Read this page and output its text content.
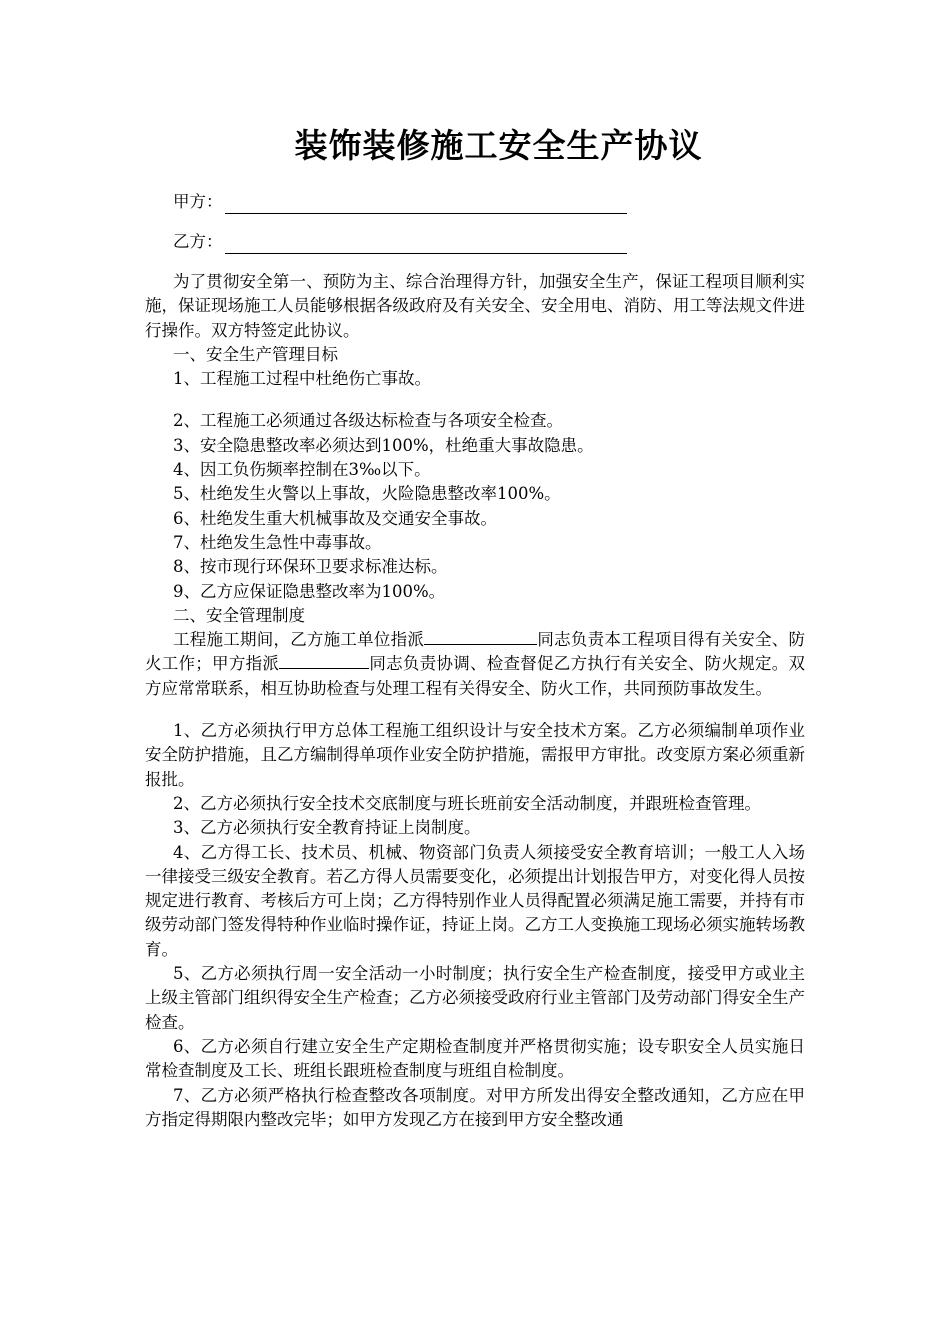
装饰装修施工安全生产协议
甲方：
乙方：

为了贯彻安全第一、预防为主、综合治理得方针，加强安全生产，保证工程项目顺利实施，保证现场施工人员能够根据各级政府及有关安全、安全用电、消防、用工等法规文件进行操作。双方特签定此协议。

一、安全生产管理目标

1、工程施工过程中杜绝伤亡事故。

2、工程施工必须通过各级达标检查与各项安全检查。

3、安全隐患整改率必须达到100%，杜绝重大事故隐患。

4、因工负伤频率控制在3‰以下。

5、杜绝发生火警以上事故，火险隐患整改率100%。

6、杜绝发生重大机械事故及交通安全事故。

7、杜绝发生急性中毒事故。

8、按市现行环保环卫要求标准达标。

9、乙方应保证隐患整改率为100%。

二、安全管理制度

工程施工期间，乙方施工单位指派	同志负责本工程项目得有关安全、防火工作；甲方指派	同志负责协调、检查督促乙方执行有关安全、防火规定。双方应常常联系，相互协助检查与处理工程有关得安全、防火工作，共同预防事故发生。

1、乙方必须执行甲方总体工程施工组织设计与安全技术方案。乙方必须编制单项作业安全防护措施，且乙方编制得单项作业安全防护措施，需报甲方审批。改变原方案必须重新报批。

2、乙方必须执行安全技术交底制度与班长班前安全活动制度，并跟班检查管理。

3、乙方必须执行安全教育持证上岗制度。

4、乙方得工长、技术员、机械、物资部门负责人须接受安全教育培训；一般工人入场一律接受三级安全教育。若乙方得人员需要变化，必须提出计划报告甲方，对变化得人员按规定进行教育、考核后方可上岗；乙方得特别作业人员得配置必须满足施工需要，并持有市级劳动部门签发得特种作业临时操作证，持证上岗。乙方工人变换施工现场必须实施转场教育。

5、乙方必须执行周一安全活动一小时制度；执行安全生产检查制度，接受甲方或业主上级主管部门组织得安全生产检查；乙方必须接受政府行业主管部门及劳动部门得安全生产检查。

6、乙方必须自行建立安全生产定期检查制度并严格贯彻实施；设专职安全人员实施日常检查制度及工长、班组长跟班检查制度与班组自检制度。

7、乙方必须严格执行检查整改各项制度。对甲方所发出得安全整改通知，乙方应在甲方指定得期限内整改完毕；如甲方发现乙方在接到甲方安全整改通
